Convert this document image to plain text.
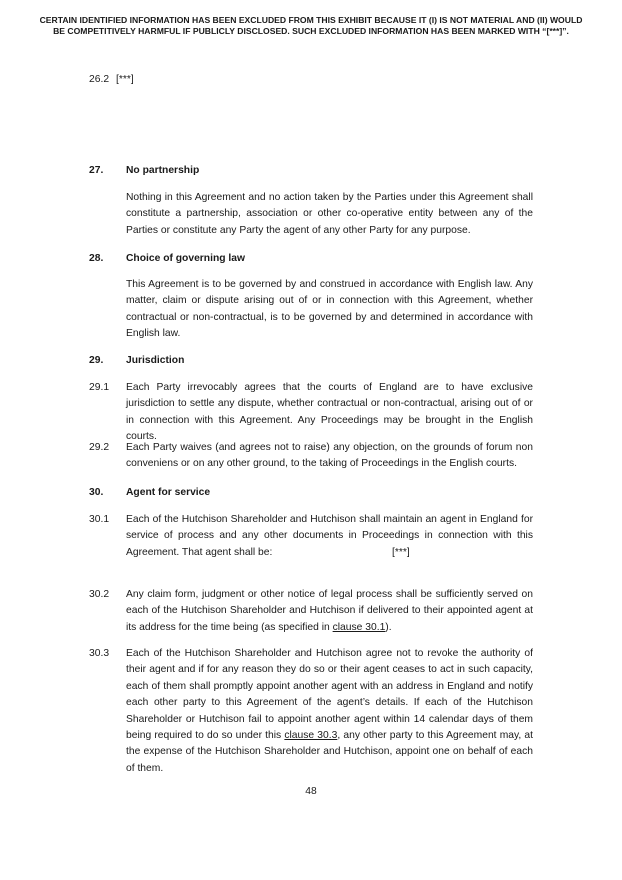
CERTAIN IDENTIFIED INFORMATION HAS BEEN EXCLUDED FROM THIS EXHIBIT BECAUSE IT (I) IS NOT MATERIAL AND (II) WOULD
BE COMPETITIVELY HARMFUL IF PUBLICLY DISCLOSED. SUCH EXCLUDED INFORMATION HAS BEEN MARKED WITH “[***]”.
26.2 [***]
27. No partnership
Nothing in this Agreement and no action taken by the Parties under this Agreement shall constitute a partnership, association or other co-operative entity between any of the Parties or constitute any Party the agent of any other Party for any purpose.
28. Choice of governing law
This Agreement is to be governed by and construed in accordance with English law. Any matter, claim or dispute arising out of or in connection with this Agreement, whether contractual or non-contractual, is to be governed by and determined in accordance with English law.
29. Jurisdiction
29.1 Each Party irrevocably agrees that the courts of England are to have exclusive jurisdiction to settle any dispute, whether contractual or non-contractual, arising out of or in connection with this Agreement. Any Proceedings may be brought in the English courts.
29.2 Each Party waives (and agrees not to raise) any objection, on the grounds of forum non conveniens or on any other ground, to the taking of Proceedings in the English courts.
30. Agent for service
30.1 Each of the Hutchison Shareholder and Hutchison shall maintain an agent in England for service of process and any other documents in Proceedings in connection with this Agreement. That agent shall be:	[***]
30.2 Any claim form, judgment or other notice of legal process shall be sufficiently served on each of the Hutchison Shareholder and Hutchison if delivered to their appointed agent at its address for the time being (as specified in clause 30.1).
30.3 Each of the Hutchison Shareholder and Hutchison agree not to revoke the authority of their agent and if for any reason they do so or their agent ceases to act in such capacity, each of them shall promptly appoint another agent with an address in England and notify each other party to this Agreement of the agent’s details. If each of the Hutchison Shareholder or Hutchison fail to appoint another agent within 14 calendar days of them being required to do so under this clause 30.3, any other party to this Agreement may, at the expense of the Hutchison Shareholder and Hutchison, appoint one on behalf of each of them.
48
